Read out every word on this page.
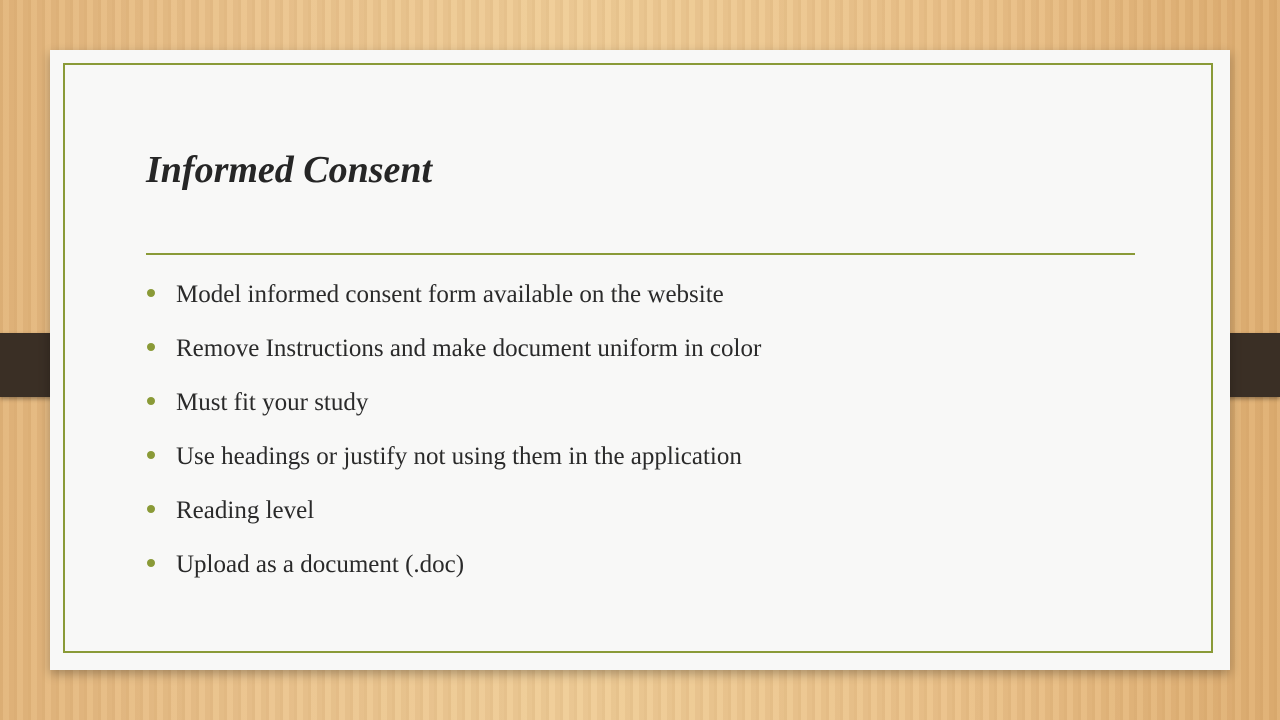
Informed Consent
Model informed consent form available on the website
Remove Instructions and make document uniform in color
Must fit your study
Use headings or justify not using them in the application
Reading level
Upload as a document (.doc)
